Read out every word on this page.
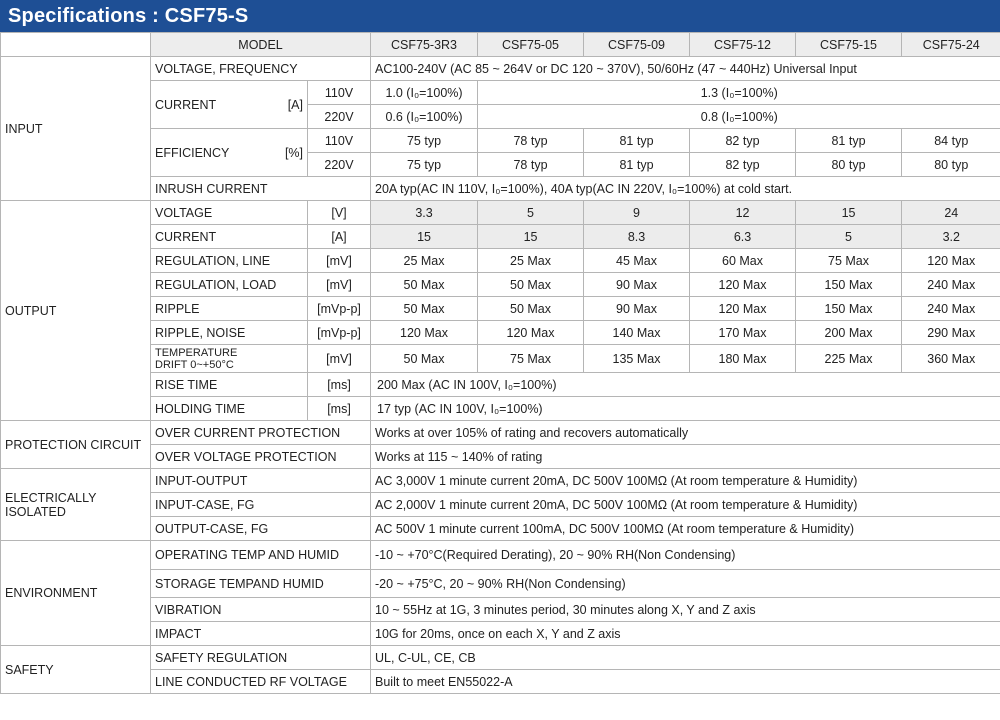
Specifications : CSF75-S
	MODEL		CSF75-3R3	CSF75-05	CSF75-09	CSF75-12	CSF75-15	CSF75-24
INPUT	VOLTAGE, FREQUENCY		AC100-240V (AC 85 ~ 264V or DC 120 ~ 370V), 50/60Hz (47 ~ 440Hz) Universal Input					

	CURRENT [A]	110V	1.0 (I₀=100%)	1.3 (I₀=100%)				
		220V	0.6 (I₀=100%)	0.8 (I₀=100%)				

	EFFICIENCY [%]	110V	75 typ	78 typ	81 typ	82 typ	81 typ	84 typ
		220V	75 typ	78 typ	81 typ	82 typ	80 typ	80 typ
	INRUSH CURRENT		20A typ(AC IN 110V, I₀=100%), 40A typ(AC IN 220V, I₀=100%) at cold start.					
OUTPUT	VOLTAGE	[V]	3.3	5	9	12	15	24
	CURRENT	[A]	15	15	8.3	6.3	5	3.2
	REGULATION, LINE	[mV]	25 Max	25 Max	45 Max	60 Max	75 Max	120 Max
	REGULATION, LOAD	[mV]	50 Max	50 Max	90 Max	120 Max	150 Max	240 Max
	RIPPLE	[mVp-p]	50 Max	50 Max	90 Max	120 Max	150 Max	240 Max
	RIPPLE, NOISE	[mVp-p]	120 Max	120 Max	140 Max	170 Max	200 Max	290 Max

	TEMPERATURE
DRIFT 0~+50°C	[mV]	50 Max	75 Max	135 Max	180 Max	225 Max	360 Max
	RISE TIME	[ms]	200 Max (AC IN 100V, I₀=100%)					
	HOLDING TIME	[ms]	17 typ (AC IN 100V, I₀=100%)					
PROTECTION CIRCUIT	OVER CURRENT PROTECTION		Works at over 105% of rating and recovers automatically					
	OVER VOLTAGE PROTECTION		Works at 115 ~ 140% of rating					

ELECTRICALLY
ISOLATED	INPUT-OUTPUT		AC 3,000V 1 minute current 20mA, DC 500V 100MΩ (At room temperature & Humidity)					
	INPUT-CASE, FG		AC 2,000V 1 minute current 20mA, DC 500V 100MΩ (At room temperature & Humidity)					
	OUTPUT-CASE, FG		AC 500V 1 minute current 100mA, DC 500V 100MΩ (At room temperature & Humidity)					
ENVIRONMENT	OPERATING TEMP AND HUMID		-10 ~ +70°C(Required Derating), 20 ~ 90% RH(Non Condensing)					
	STORAGE TEMPAND HUMID		-20 ~ +75°C, 20 ~ 90% RH(Non Condensing)					
	VIBRATION		10 ~ 55Hz at 1G, 3 minutes period, 30 minutes along X, Y and Z axis					
	IMPACT		10G for 20ms, once on each X, Y and Z axis					
SAFETY	SAFETY REGULATION		UL, C-UL, CE, CB					
	LINE CONDUCTED RF VOLTAGE		Built to meet EN55022-A					
